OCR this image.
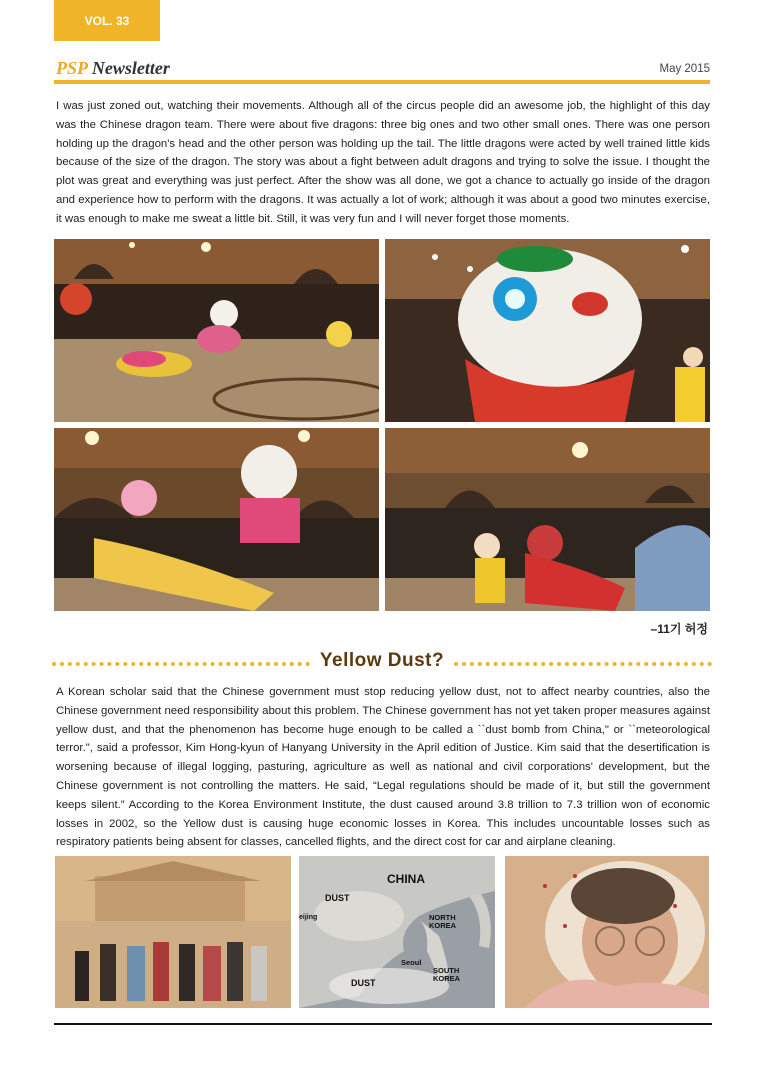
VOL. 33
PSP Newsletter	May 2015

I was just zoned out, watching their movements. Although all of the circus people did an awesome job, the highlight of this day was the Chinese dragon team. There were about five dragons: three big ones and two other small ones. There was one person holding up the dragon's head and the other person was holding up the tail. The little dragons were acted by well trained little kids because of the size of the dragon. The story was about a fight between adult dragons and trying to solve the issue. I thought the plot was great and everything was just perfect. After the show was all done, we got a chance to actually go inside of the dragon and experience how to perform with the dragons. It was actually a lot of work; although it was about a good two minutes exercise, it was enough to make me sweat a little bit. Still, it was very fun and I will never forget those moments.

–11기 허정
Yellow Dust?

A Korean scholar said that the Chinese government must stop reducing yellow dust, not to affect nearby countries, also the Chinese government need responsibility about this problem. The Chinese government has not yet taken proper measures against yellow dust, and that the phenomenon has become huge enough to be called a ``dust bomb from China," or ``meteorological terror.", said a professor, Kim Hong-kyun of Hanyang University in the April edition of Justice. Kim said that the desertification is worsening because of illegal logging, pasturing, agriculture as well as national and civil corporations' development, but the Chinese government is not controlling the matters. He said, “Legal regulations should be made of it, but still the government keeps silent.” According to the Korea Environment Institute, the dust caused around 3.8 trillion to 7.3 trillion won of economic losses in 2002, so the Yellow dust is causing huge economic losses in Korea. This includes uncountable losses such as respiratory patients being absent for classes, cancelled flights, and the direct cost for car and airplane cleaning.

CHINA
DUST
eijing	NORTH
KOREA
Seoul
SOUTH
KOREA
DUST
